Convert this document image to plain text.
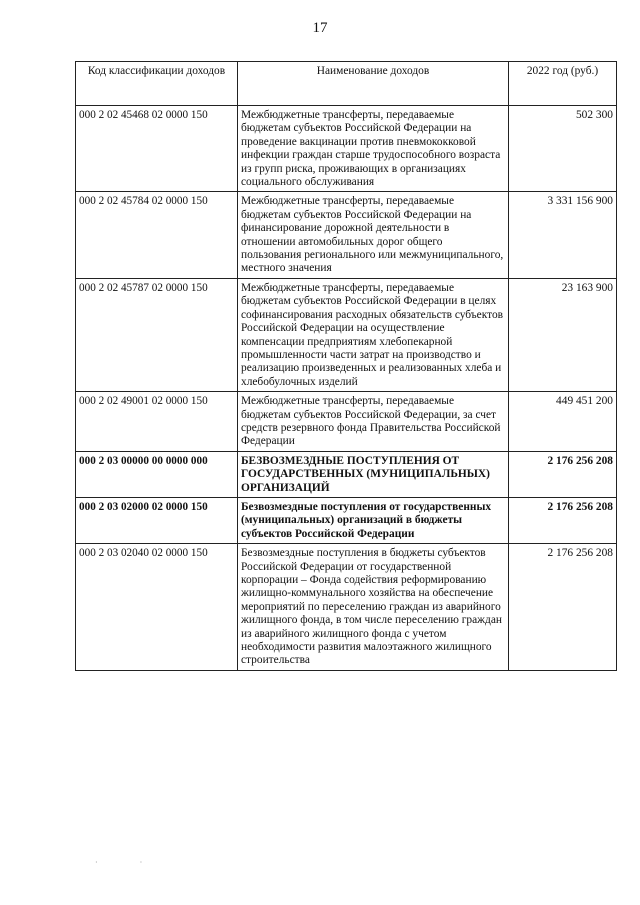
17
Код классификации доходов	Наименование доходов	2022 год (руб.)
000 2 02 45468 02 0000 150	Межбюджетные трансферты, передаваемые бюджетам субъектов Российской Федерации на проведение вакцинации против пневмококковой инфекции граждан старше трудоспособного возраста из групп риска, проживающих в организациях социального обслуживания	502 300
000 2 02 45784 02 0000 150	Межбюджетные трансферты, передаваемые бюджетам субъектов Российской Федерации на финансирование дорожной деятельности в отношении автомобильных дорог общего пользования регионального или межмуниципального, местного значения	3 331 156 900
000 2 02 45787 02 0000 150	Межбюджетные трансферты, передаваемые бюджетам субъектов Российской Федерации в целях софинансирования расходных обязательств субъектов Российской Федерации на осуществление компенсации предприятиям хлебопекарной промышленности части затрат на производство и реализацию произведенных и реализованных хлеба и хлебобулочных изделий	23 163 900
000 2 02 49001 02 0000 150	Межбюджетные трансферты, передаваемые бюджетам субъектов Российской Федерации, за счет средств резервного фонда Правительства Российской Федерации	449 451 200
000 2 03 00000 00 0000 000	БЕЗВОЗМЕЗДНЫЕ ПОСТУПЛЕНИЯ ОТ ГОСУДАРСТВЕННЫХ (МУНИЦИПАЛЬНЫХ) ОРГАНИЗАЦИЙ	2 176 256 208
000 2 03 02000 02 0000 150	Безвозмездные поступления от государственных (муниципальных) организаций в бюджеты субъектов Российской Федерации	2 176 256 208
000 2 03 02040 02 0000 150	Безвозмездные поступления в бюджеты субъектов Российской Федерации от государственной корпорации – Фонда содействия реформированию жилищно-коммунального хозяйства на обеспечение мероприятий по переселению граждан из аварийного жилищного фонда, в том числе переселению граждан из аварийного жилищного фонда с учетом необходимости развития малоэтажного жилищного строительства	2 176 256 208
· ·
